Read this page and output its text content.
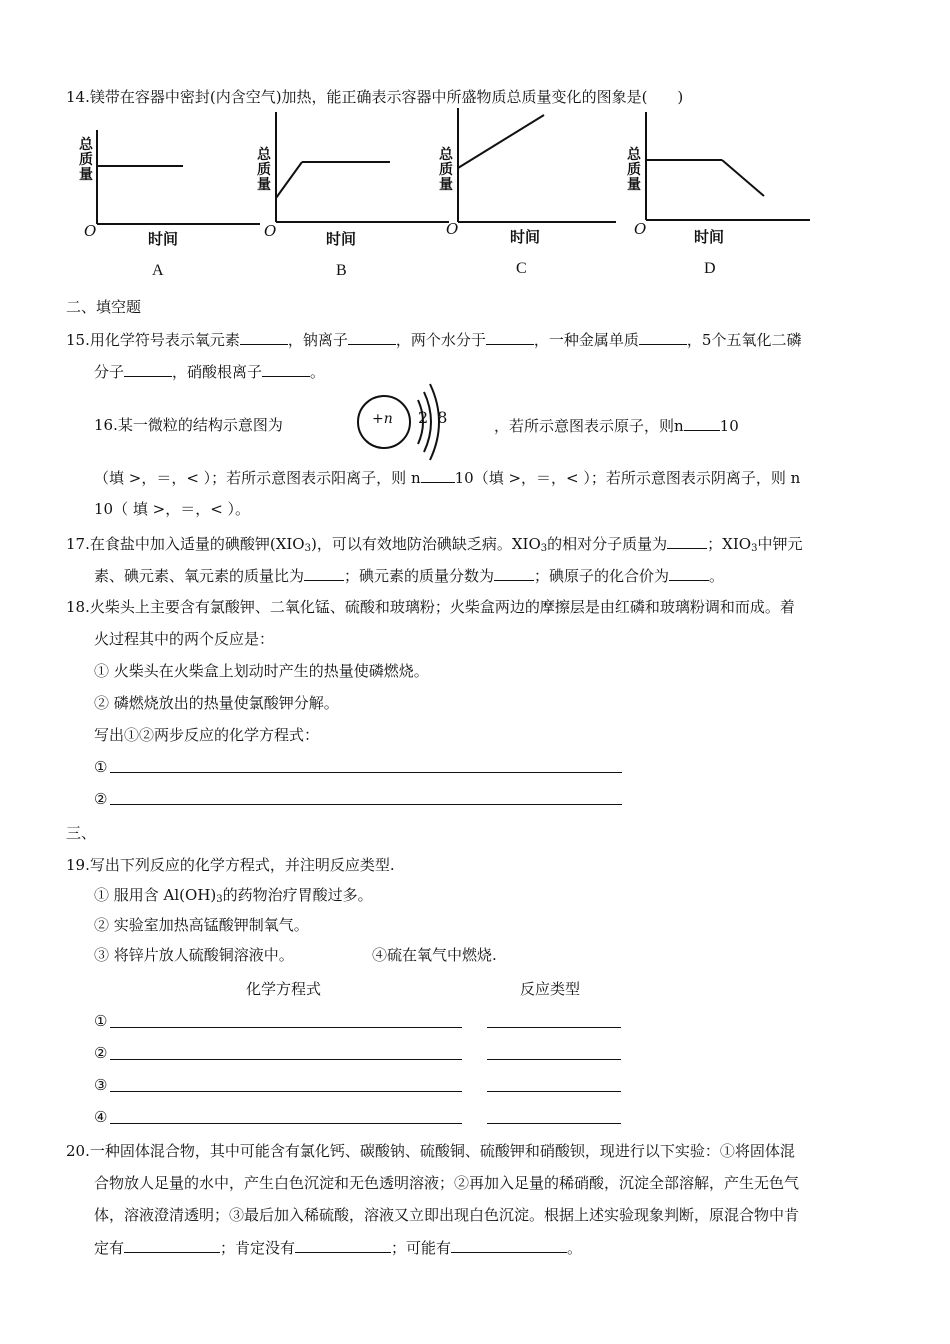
14.镁带在容器中密封(内含空气)加热，能正确表示容器中所盛物质总质量变化的图象是(　　)
总质量
O	时间
A
总质量
O	时间
B
总质量
O	时间
C
总质量
O	时间
D
二、填空题
15.用化学符号表示氧元素	，钠离子	，两个水分于	，一种金属单质	，5个五氧化二磷
分子	，硝酸根离子	。
16.某一微粒的结构示意图为	+n 2 8	，若所示意图表示原子，则n 10
（填 >，＝，< ）；若所示意图表示阳离子，则 n 10（填 >，＝，< ）；若所示意图表示阴离子，则 n
10（ 填 >，＝，< ）。
17.在食盐中加入适量的碘酸钾$(XIO_3)$，可以有效地防治碘缺乏病。$XIO_3$的相对分子质量为	；$XIO_3$中钾元
素、碘元素、氧元素的质量比为	；碘元素的质量分数为	；碘原子的化合价为	。
18.火柴头上主要含有氯酸钾、二氧化锰、硫酸和玻璃粉；火柴盒两边的摩擦层是由红磷和玻璃粉调和而成。着
火过程其中的两个反应是：
① 火柴头在火柴盒上划动时产生的热量使磷燃烧。
② 磷燃烧放出的热量使氯酸钾分解。
写出①②两步反应的化学方程式：
①
②
三、
19.写出下列反应的化学方程式，并注明反应类型.
① 服用含 $Al(OH)_3$的药物治疗胃酸过多。
② 实验室加热高锰酸钾制氧气。
③ 将锌片放人硫酸铜溶液中。	④硫在氧气中燃烧.
化学方程式	反应类型
①
②
③
④
20.一种固体混合物，其中可能含有氯化钙、碳酸钠、硫酸铜、硫酸钾和硝酸钡，现进行以下实验：①将固体混
合物放人足量的水中，产生白色沉淀和无色透明溶液；②再加入足量的稀硝酸，沉淀全部溶解，产生无色气
体，溶液澄清透明；③最后加入稀硫酸，溶液又立即出现白色沉淀。根据上述实验现象判断，原混合物中肯
定有	；肯定没有	；可能有	。
